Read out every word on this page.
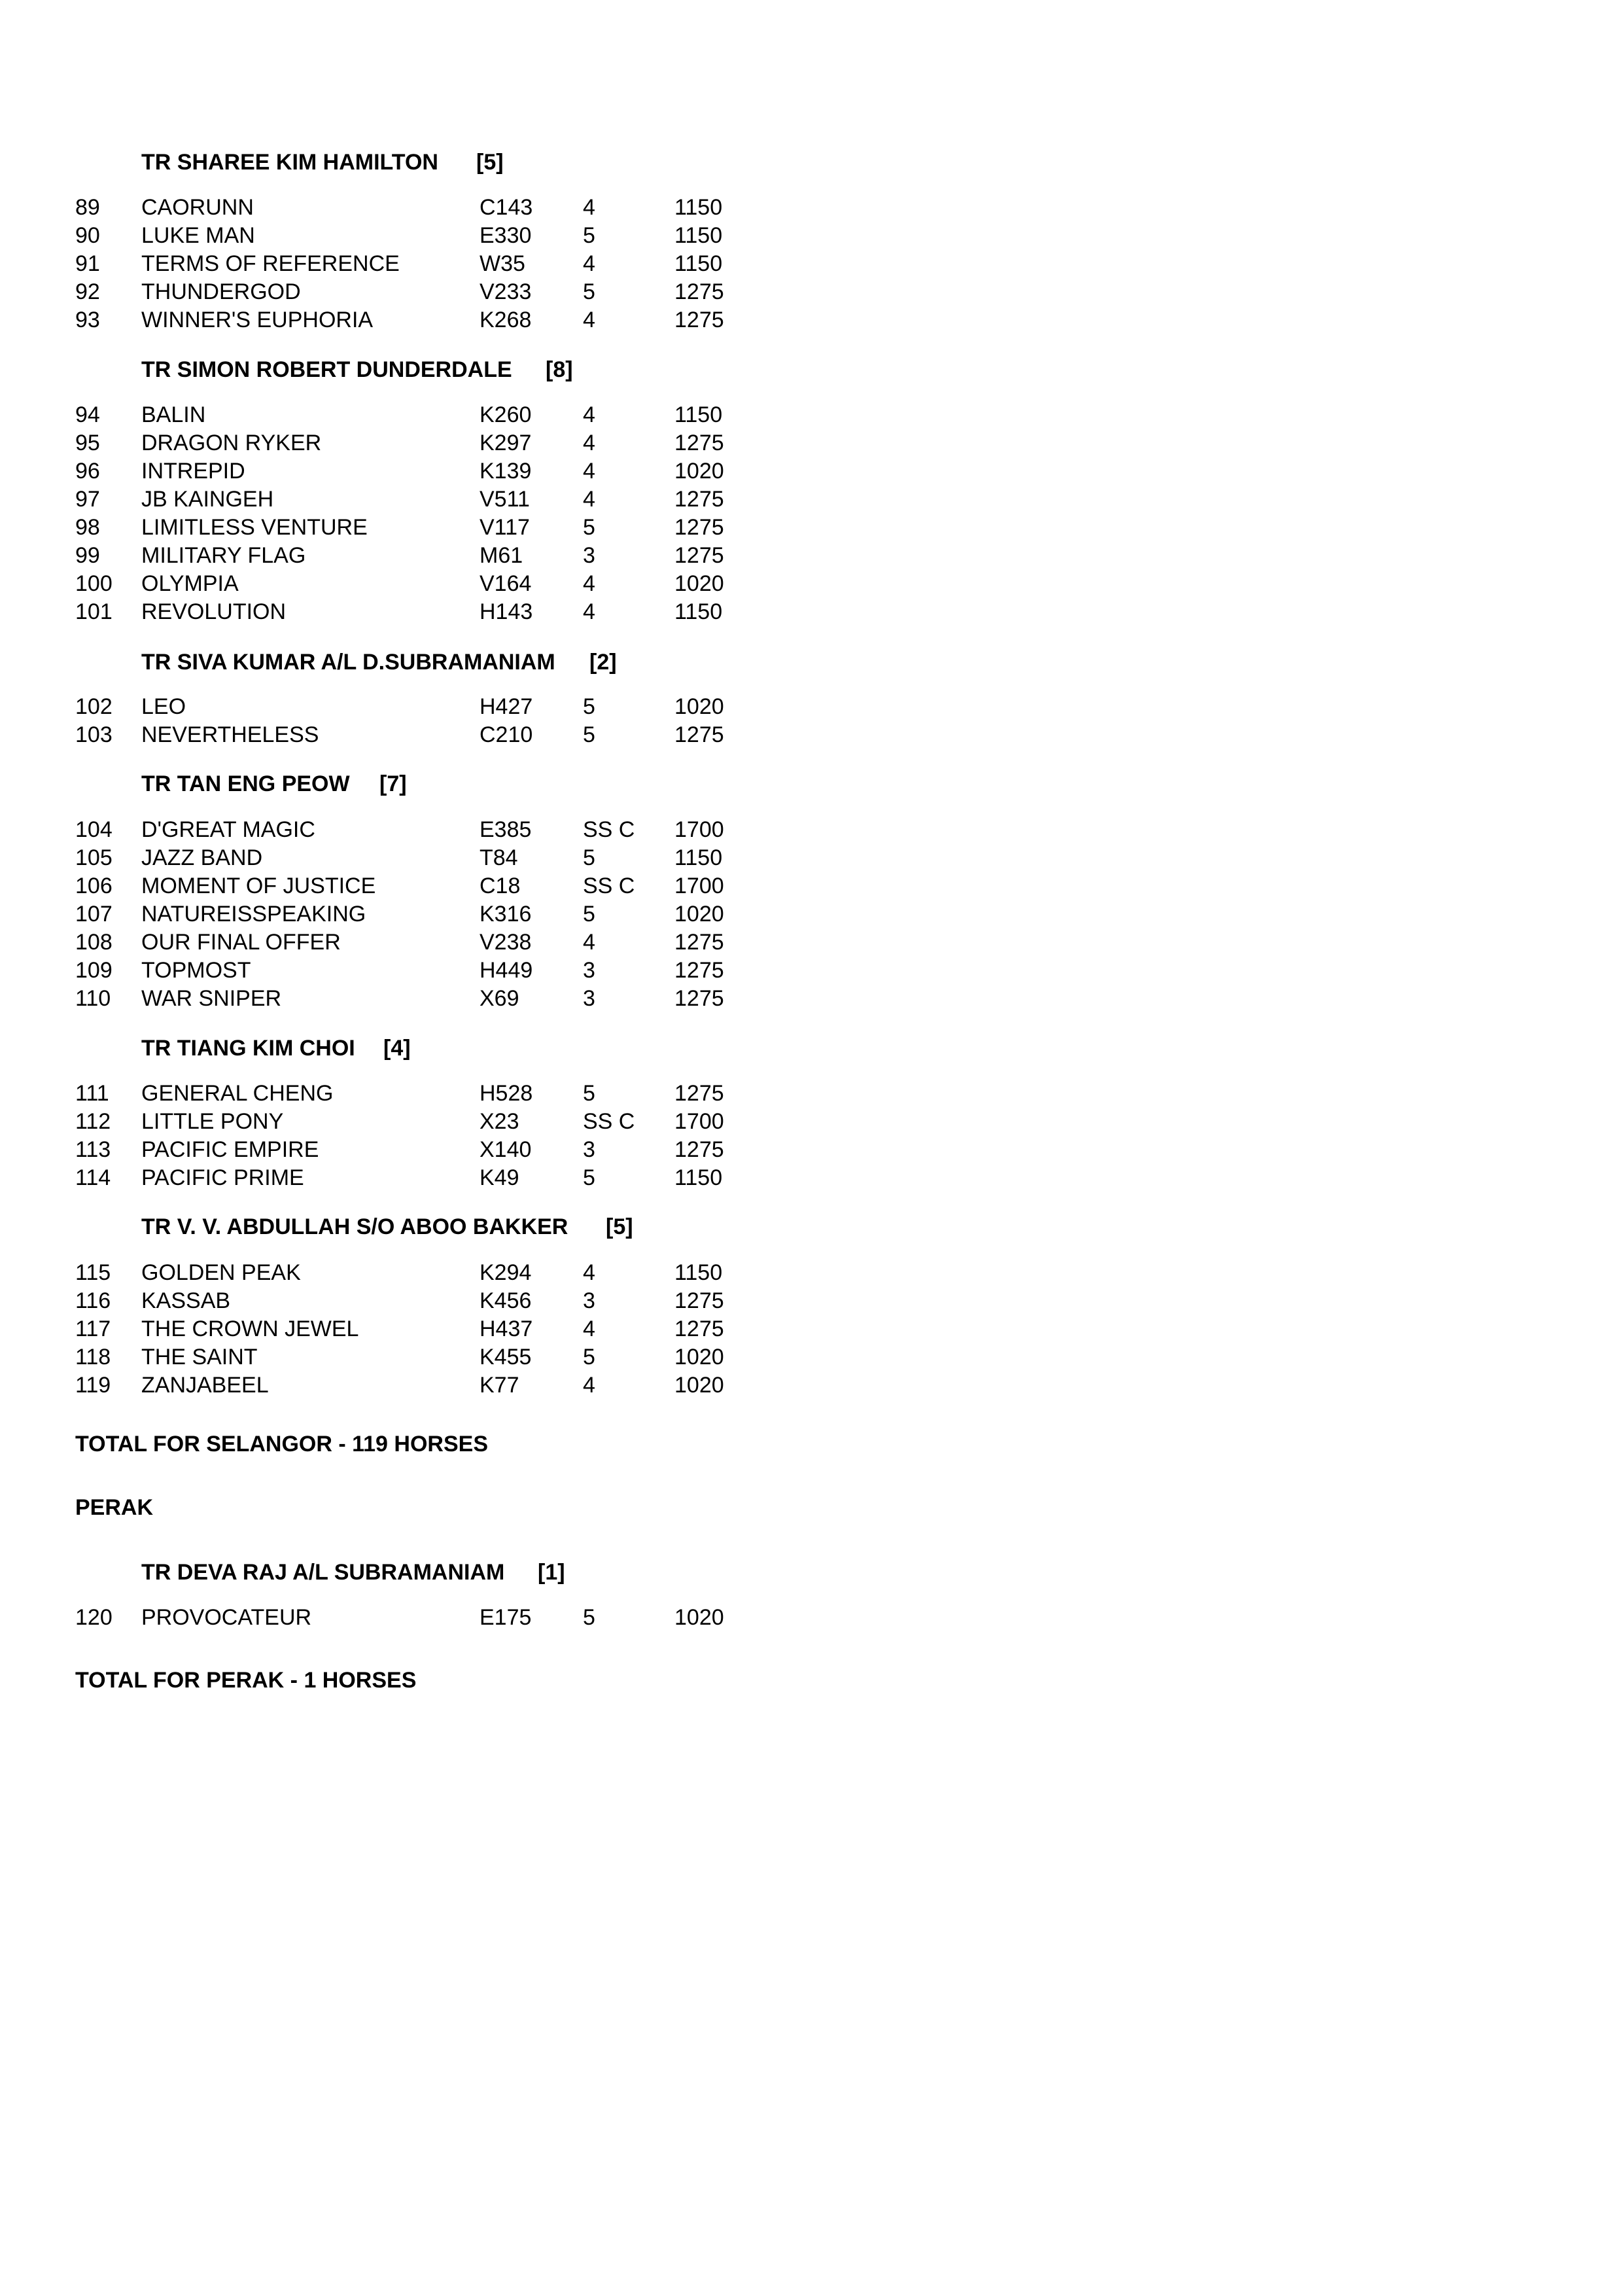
TR SHAREE KIM HAMILTON [5]
89 CAORUNN	C143 4	1150
90 LUKE MAN	E330 5	1150
91 TERMS OF REFERENCE	W35	4	1150
92 THUNDERGOD	V233 5	1275
93 WINNER'S EUPHORIA	K268 4	1275
TR SIMON ROBERT DUNDERDALE [8]
94 BALIN	K260 4	1150
95 DRAGON RYKER	K297 4	1275
96 INTREPID	K139 4	1020
97 JB KAINGEH	V511 4	1275
98 LIMITLESS VENTURE	V117 5	1275
99 MILITARY FLAG	M61	3	1275
100 OLYMPIA	V164 4	1020
101 REVOLUTION	H143 4	1150
TR SIVA KUMAR A/L D.SUBRAMANIAM [2]
102 LEO	H427 5	1020
103 NEVERTHELESS	C210 5	1275
TR TAN ENG PEOW [7]
104 D'GREAT MAGIC	E385 SS C 1700
105 JAZZ BAND	T84	5	1150
106 MOMENT OF JUSTICE	C18	SS C 1700
107 NATUREISSPEAKING	K316 5	1020
108 OUR FINAL OFFER	V238 4	1275
109 TOPMOST	H449 3	1275
110 WAR SNIPER	X69	3	1275
TR TIANG KIM CHOI [4]
111 GENERAL CHENG	H528 5	1275
112 LITTLE PONY	X23	SS C 1700
113 PACIFIC EMPIRE	X140 3	1275
114 PACIFIC PRIME	K49	5	1150
TR V. V. ABDULLAH S/O ABOO BAKKER [5]
115 GOLDEN PEAK	K294 4	1150
116 KASSAB	K456 3	1275
117 THE CROWN JEWEL	H437 4	1275
118 THE SAINT	K455 5	1020
119 ZANJABEEL	K77	4	1020
TOTAL FOR SELANGOR - 119 HORSES
PERAK
TR DEVA RAJ A/L SUBRAMANIAM [1]
120 PROVOCATEUR	E175 5	1020
TOTAL FOR PERAK - 1 HORSES
